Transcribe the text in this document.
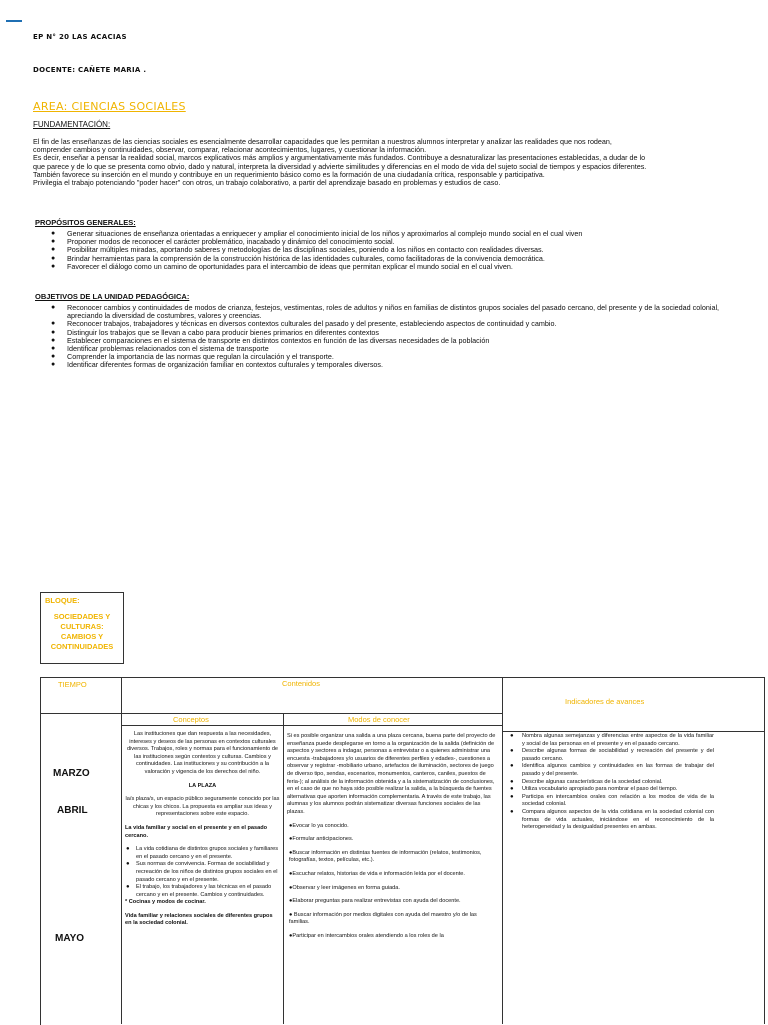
EP N° 20 LAS ACACIAS
DOCENTE: CAÑETE MARIA .
AREA: CIENCIAS SOCIALES
FUNDAMENTACIÓN:

El fin de las enseñanzas de las ciencias sociales es esencialmente desarrollar capacidades que les permitan a nuestros alumnos interpretar y analizar las realidades que nos rodean,

comprender cambios y continuidades, observar, comparar, relacionar acontecimientos, lugares, y cuestionar la información.

Es decir, enseñar a pensar la realidad social, marcos explicativos más amplios y argumentativamente más fundados. Contribuye a desnaturalizar las presentaciones establecidas, a dudar de lo

que parece y de lo que se presenta como obvio, dado y natural, interpreta la diversidad y advierte similitudes y diferencias en el modo de vida del sujeto social de tiempos y espacios diferentes.

También favorece su inserción en el mundo y contribuye en un requerimiento básico como es la formación de una ciudadanía crítica, responsable y participativa.

Privilegia el trabajo potenciando "poder hacer" con otros, un trabajo colaborativo, a partir del aprendizaje basado en problemas y estudios de caso.

PROPÓSITOS GENERALES:
● Generar situaciones de enseñanza orientadas a enriquecer y ampliar el conocimiento inicial de los niños y aproximarlos al complejo mundo social en el cual viven
● Proponer modos de reconocer el carácter problemático, inacabado y dinámico del conocimiento social.
● Posibilitar múltiples miradas, aportando saberes y metodologías de las disciplinas sociales, poniendo a los niños en contacto con realidades diversas.
● Brindar herramientas para la comprensión de la construcción histórica de las identidades culturales, como facilitadoras de la convivencia democrática.
● Favorecer el diálogo como un camino de oportunidades para el intercambio de ideas que permitan explicar el mundo social en el cual viven.
OBJETIVOS DE LA UNIDAD PEDAGÓGICA:
● Reconocer cambios y continuidades de modos de crianza, festejos, vestimentas, roles de adultos y niños en familias de distintos grupos sociales del pasado cercano, del presente y de la sociedad colonial, apreciando la diversidad de costumbres, valores y creencias.
● Reconocer trabajos, trabajadores y técnicas en diversos contextos culturales del pasado y del presente, estableciendo aspectos de continuidad y cambio.
● Distinguir los trabajos que se llevan a cabo para producir bienes primarios en diferentes contextos
● Establecer comparaciones en el sistema de transporte en distintos contextos en función de las diversas necesidades de la población
● Identificar problemas relacionados con el sistema de transporte
● Comprender la importancia de las normas que regulan la circulación y el transporte.
● Identificar diferentes formas de organización familiar en contextos culturales y temporales diversos.
BLOQUE:
SOCIEDADES Y CULTURAS: CAMBIOS Y CONTINUIDADES
TIEMPO	Contenidos
Indicadores de avances
Conceptos	Modos de conocer
MARZO
ABRIL
MAYO

Las instituciones que dan respuesta a las necesidades, intereses y deseos de las personas en contextos culturales diversos. Trabajos, roles y normas para el funcionamiento de las instituciones según contextos y culturas. Cambios y continuidades. Las instituciones y su contribución a la valoración y vigencia de los derechos del niño.

LA PLAZA

la/s plaza/s, un espacio público seguramente conocido por las chicas y los chicos. La propuesta es ampliar sus ideas y representaciones sobre este espacio.

La vida familiar y social en el presente y en el pasado cercano.

● La vida cotidiana de distintos grupos sociales y familiares en el pasado cercano y en el presente.
● Sus normas de convivencia. Formas de sociabilidad y recreación de los niños de distintos grupos sociales en el pasado cercano y en el presente.
● El trabajo, los trabajadores y las técnicas en el pasado cercano y en el presente. Cambios y continuidades.

* Cocinas y modos de cocinar.

Vida familiar y relaciones sociales de diferentes grupos en la sociedad colonial.

Si es posible organizar una salida a una plaza cercana, buena parte del proyecto de enseñanza puede desplegarse en torno a la organización de la salida (definición de aspectos y sectores a indagar, personas a entrevistar o a quienes administrar una encuesta -trabajadores y/o usuarios de diferentes perfiles y edades-, cuestiones a observar y registrar -mobiliario urbano, artefactos de iluminación, sectores de juego de diverso tipo, sendas, escenarios, monumentos, canteros, caniles, puestos de feria-); al análisis de la información obtenida y a la sistematización de conclusiones, en el caso de que no haya sido posible realizar la salida, a la búsqueda de fuentes alternativas que aporten información complementaria. A través de este trabajo, las alumnas y los alumnos podrán sistematizar diversas funciones sociales de las plazas.

●Evocar lo ya conocido.

●Formular anticipaciones.

●Buscar información en distintas fuentes de información (relatos, testimonios, fotografías, textos, películas, etc.).

●Escuchar relatos, historias de vida e información leída por el docente.

●Observar y leer imágenes en forma guiada.

●Elaborar preguntas para realizar entrevistas con ayuda del docente.

● Buscar información por medios digitales con ayuda del maestro y/o de las familias.

●Participar en intercambios orales atendiendo a los roles de la

● Nombra algunas semejanzas y diferencias entre aspectos de la vida familiar y social de las personas en el presente y en el pasado cercano.
● Describe algunas formas de sociabilidad y recreación del presente y del pasado cercano.
● Identifica algunos cambios y continuidades en las formas de trabajar del pasado y del presente.
● Describe algunas características de la sociedad colonial.
● Utiliza vocabulario apropiado para nombrar el paso del tiempo.
● Participa en intercambios orales con relación a los modos de vida de la sociedad colonial.
● Compara algunos aspectos de la vida cotidiana en la sociedad colonial con formas de vida actuales, iniciándose en el reconocimiento de la heterogeneidad y la desigualdad presentes en ambas.
